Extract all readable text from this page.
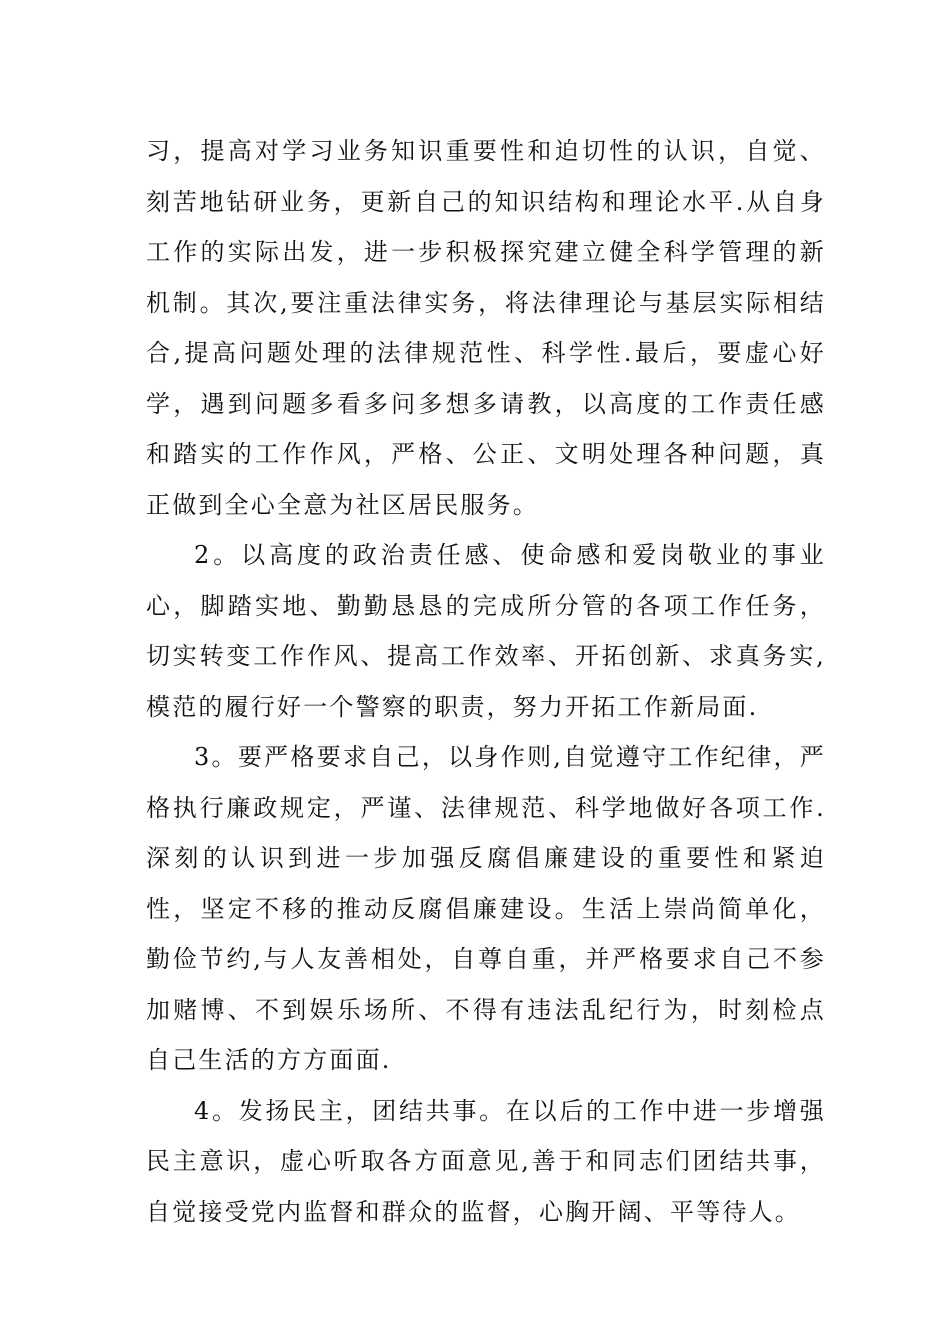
习，提高对学习业务知识重要性和迫切性的认识，自觉、刻苦地钻研业务，更新自己的知识结构和理论水平.从自身工作的实际出发，进一步积极探究建立健全科学管理的新机制。其次,要注重法律实务，将法律理论与基层实际相结合,提高问题处理的法律规范性、科学性.最后，要虚心好学，遇到问题多看多问多想多请教，以高度的工作责任感和踏实的工作作风，严格、公正、文明处理各种问题，真正做到全心全意为社区居民服务。

2。以高度的政治责任感、使命感和爱岗敬业的事业心，脚踏实地、勤勤恳恳的完成所分管的各项工作任务，切实转变工作作风、提高工作效率、开拓创新、求真务实,模范的履行好一个警察的职责，努力开拓工作新局面.

3。要严格要求自己，以身作则,自觉遵守工作纪律，严格执行廉政规定，严谨、法律规范、科学地做好各项工作.深刻的认识到进一步加强反腐倡廉建设的重要性和紧迫性，坚定不移的推动反腐倡廉建设。生活上崇尚简单化，勤俭节约,与人友善相处，自尊自重，并严格要求自己不参加赌博、不到娱乐场所、不得有违法乱纪行为，时刻检点自己生活的方方面面.

4。发扬民主，团结共事。在以后的工作中进一步增强民主意识，虚心听取各方面意见,善于和同志们团结共事，自觉接受党内监督和群众的监督，心胸开阔、平等待人。
